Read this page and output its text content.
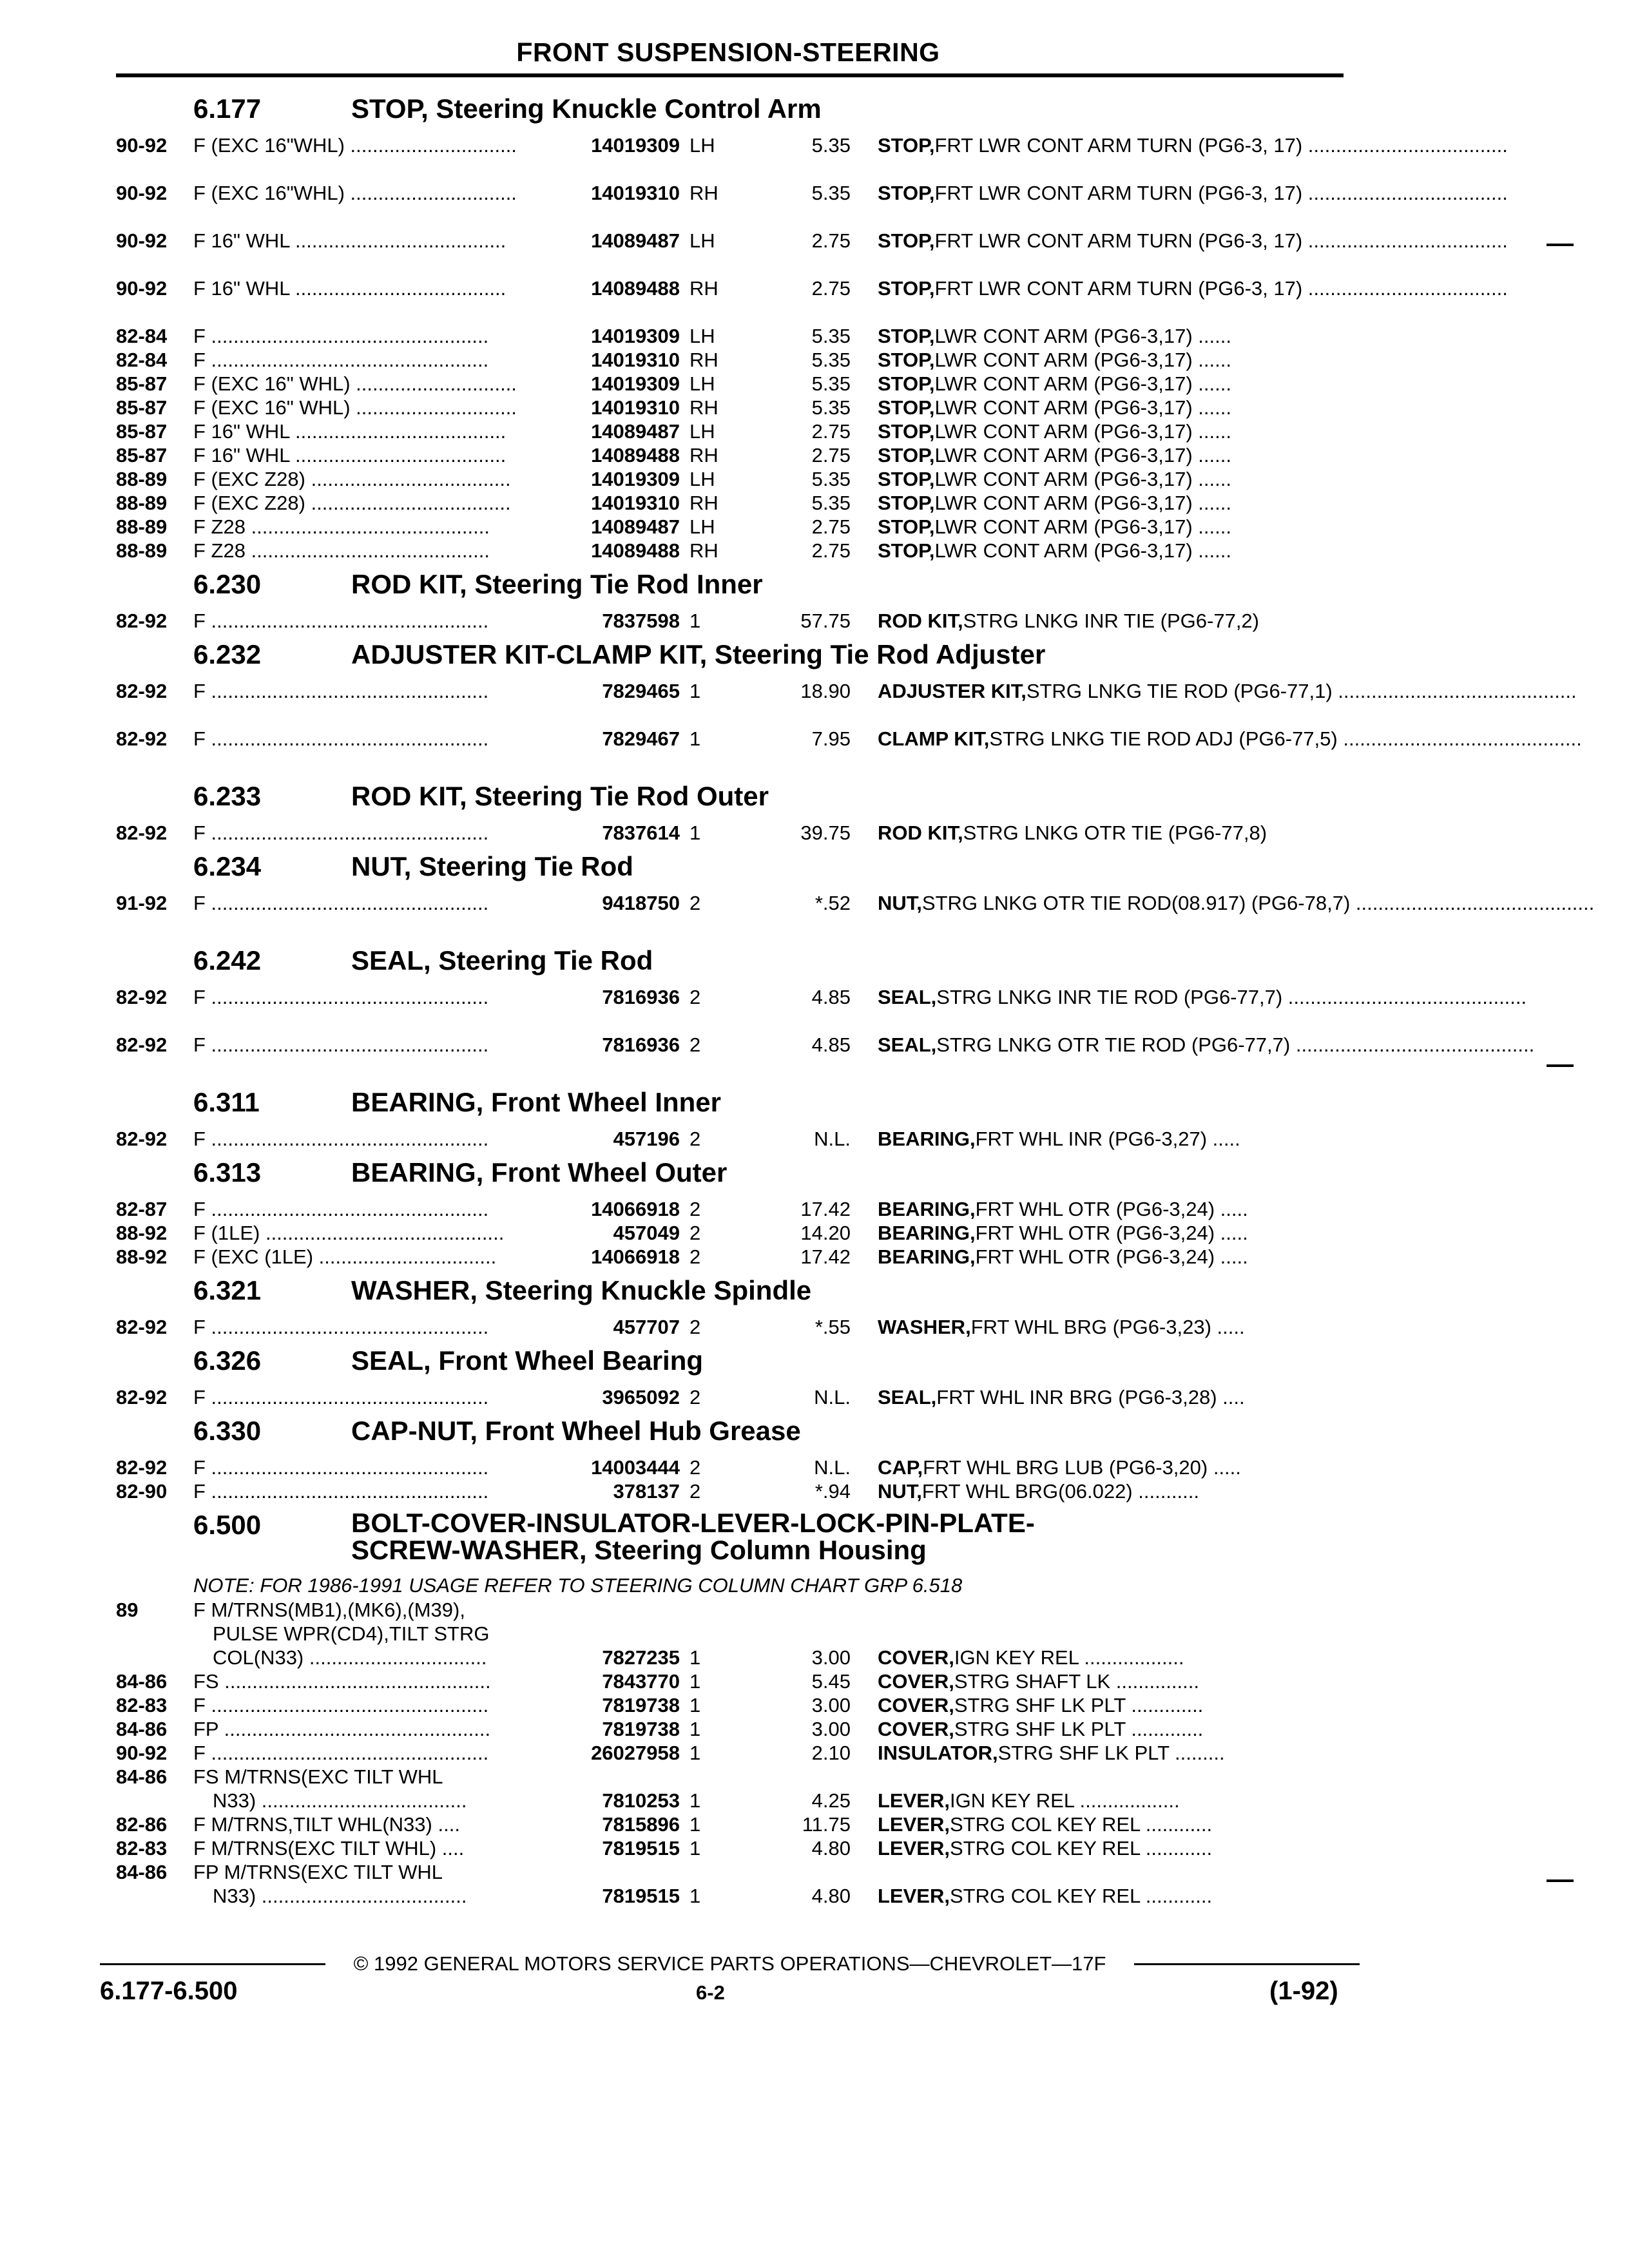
FRONT SUSPENSION-STEERING
6.177	STOP, Steering Knuckle Control Arm
90-92 F (EXC 16"WHL) ..............................	14019309 LH	5.35 STOP, FRT LWR CONT ARM TURN (PG6-3, 17) ....................................
90-92 F (EXC 16"WHL) ..............................	14019310 RH	5.35 STOP, FRT LWR CONT ARM TURN (PG6-3, 17) ....................................
90-92 F 16" WHL ......................................	14089487 LH	2.75 STOP, FRT LWR CONT ARM TURN (PG6-3, 17) ....................................
90-92 F 16" WHL ......................................	14089488 RH	2.75 STOP, FRT LWR CONT ARM TURN (PG6-3, 17) ....................................
82-84 F ..................................................	14019309 LH	5.35 STOP, LWR CONT ARM (PG6-3,17) ......
82-84 F ..................................................	14019310 RH	5.35 STOP, LWR CONT ARM (PG6-3,17) ......
85-87 F (EXC 16" WHL) .............................	14019309 LH	5.35 STOP, LWR CONT ARM (PG6-3,17) ......
85-87 F (EXC 16" WHL) .............................	14019310 RH	5.35 STOP, LWR CONT ARM (PG6-3,17) ......
85-87 F 16" WHL ......................................	14089487 LH	2.75 STOP, LWR CONT ARM (PG6-3,17) ......
85-87 F 16" WHL ......................................	14089488 RH	2.75 STOP, LWR CONT ARM (PG6-3,17) ......
88-89 F (EXC Z28) ....................................	14019309 LH	5.35 STOP, LWR CONT ARM (PG6-3,17) ......
88-89 F (EXC Z28) ....................................	14019310 RH	5.35 STOP, LWR CONT ARM (PG6-3,17) ......
88-89 F Z28 ...........................................	14089487 LH	2.75 STOP, LWR CONT ARM (PG6-3,17) ......
88-89 F Z28 ...........................................	14089488 RH	2.75 STOP, LWR CONT ARM (PG6-3,17) ......
6.230	ROD KIT, Steering Tie Rod Inner
82-92 F ..................................................	7837598 1	57.75 ROD KIT, STRG LNKG INR TIE (PG6-77,2)
6.232	ADJUSTER KIT-CLAMP KIT, Steering Tie Rod Adjuster
82-92 F ..................................................	7829465 1	18.90 ADJUSTER KIT, STRG LNKG TIE ROD (PG6-77,1) ...........................................
82-92 F ..................................................	7829467 1	7.95 CLAMP KIT, STRG LNKG TIE ROD ADJ (PG6-77,5) ...........................................
6.233	ROD KIT, Steering Tie Rod Outer
82-92 F ..................................................	7837614 1	39.75 ROD KIT, STRG LNKG OTR TIE (PG6-77,8)
6.234	NUT, Steering Tie Rod
91-92 F ..................................................	9418750 2	*.52 NUT, STRG LNKG OTR TIE ROD(08.917) (PG6-78,7) ...........................................
6.242	SEAL, Steering Tie Rod
82-92 F ..................................................	7816936 2	4.85 SEAL, STRG LNKG INR TIE ROD (PG6-77,7) ...........................................
82-92 F ..................................................	7816936 2	4.85 SEAL, STRG LNKG OTR TIE ROD (PG6-77,7) ...........................................
6.311	BEARING, Front Wheel Inner
82-92 F ..................................................	457196 2	N.L. BEARING, FRT WHL INR (PG6-3,27) .....
6.313	BEARING, Front Wheel Outer
82-87 F ..................................................	14066918 2	17.42 BEARING, FRT WHL OTR (PG6-3,24) .....
88-92 F (1LE) ...........................................	457049 2	14.20 BEARING, FRT WHL OTR (PG6-3,24) .....
88-92 F (EXC (1LE) ................................	14066918 2	17.42 BEARING, FRT WHL OTR (PG6-3,24) .....
6.321	WASHER, Steering Knuckle Spindle
82-92 F ..................................................	457707 2	*.55 WASHER, FRT WHL BRG (PG6-3,23) .....
6.326	SEAL, Front Wheel Bearing
82-92 F ..................................................	3965092 2	N.L. SEAL, FRT WHL INR BRG (PG6-3,28) ....
6.330	CAP-NUT, Front Wheel Hub Grease
82-92 F ..................................................	14003444 2	N.L. CAP, FRT WHL BRG LUB (PG6-3,20) .....
82-90 F ..................................................	378137 2	*.94 NUT, FRT WHL BRG(06.022) ...........
6.500	BOLT-COVER-INSULATOR-LEVER-LOCK-PIN-PLATE-
SCREW-WASHER, Steering Column Housing
NOTE: FOR 1986-1991 USAGE REFER TO STEERING COLUMN CHART GRP 6.518
89	F M/TRNS(MB1),(MK6),(M39),
PULSE WPR(CD4),TILT STRG
COL(N33) ................................	7827235 1	3.00 COVER, IGN KEY REL ..................
84-86 FS ................................................	7843770 1	5.45 COVER, STRG SHAFT LK ...............
82-83 F ..................................................	7819738 1	3.00 COVER, STRG SHF LK PLT .............
84-86 FP ................................................	7819738 1	3.00 COVER, STRG SHF LK PLT .............
90-92 F ..................................................	26027958 1	2.10 INSULATOR, STRG SHF LK PLT .........
84-86 FS M/TRNS(EXC TILT WHL
N33) .....................................	7810253 1	4.25 LEVER, IGN KEY REL ..................
82-86 F M/TRNS,TILT WHL(N33) ....	7815896 1	11.75 LEVER, STRG COL KEY REL ............
82-83 F M/TRNS(EXC TILT WHL) ....	7819515 1	4.80 LEVER, STRG COL KEY REL ............
84-86 FP M/TRNS(EXC TILT WHL
N33) .....................................	7819515 1	4.80 LEVER, STRG COL KEY REL ............
© 1992 GENERAL MOTORS SERVICE PARTS OPERATIONS—CHEVROLET—17F
6.177-6.500	6-2	(1-92)
